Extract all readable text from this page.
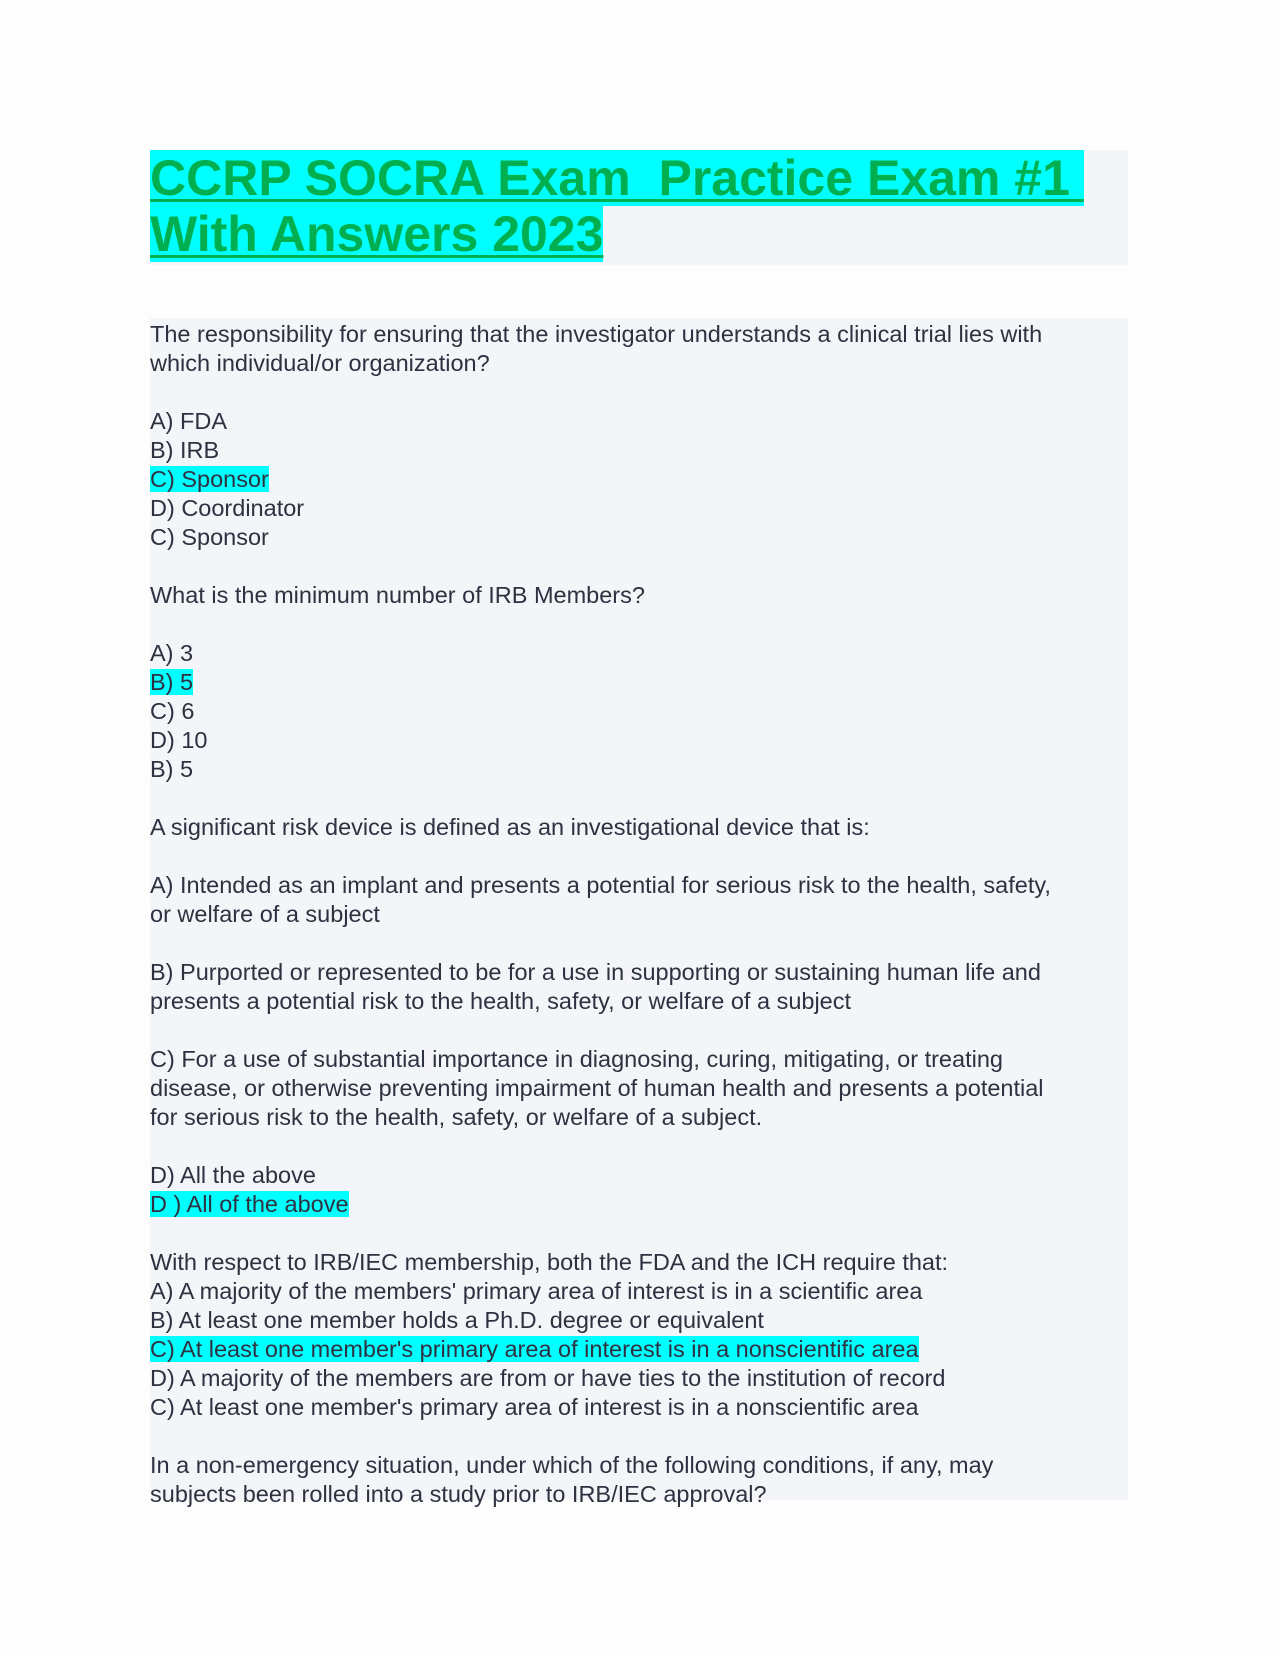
CCRP SOCRA Exam  Practice Exam #1
With Answers 2023
The responsibility for ensuring that the investigator understands a clinical trial lies with
which individual/or organization?
A) FDA
B) IRB
C) Sponsor
D) Coordinator
C) Sponsor
What is the minimum number of IRB Members?
A) 3
B) 5
C) 6
D) 10
B) 5
A significant risk device is defined as an investigational device that is:
A) Intended as an implant and presents a potential for serious risk to the health, safety,
or welfare of a subject
B) Purported or represented to be for a use in supporting or sustaining human life and
presents a potential risk to the health, safety, or welfare of a subject
C) For a use of substantial importance in diagnosing, curing, mitigating, or treating
disease, or otherwise preventing impairment of human health and presents a potential
for serious risk to the health, safety, or welfare of a subject.
D) All the above
D ) All of the above
With respect to IRB/IEC membership, both the FDA and the ICH require that:
A) A majority of the members' primary area of interest is in a scientific area
B) At least one member holds a Ph.D. degree or equivalent
C) At least one member's primary area of interest is in a nonscientific area
D) A majority of the members are from or have ties to the institution of record
C) At least one member's primary area of interest is in a nonscientific area
In a non-emergency situation, under which of the following conditions, if any, may
subjects been rolled into a study prior to IRB/IEC approval?
